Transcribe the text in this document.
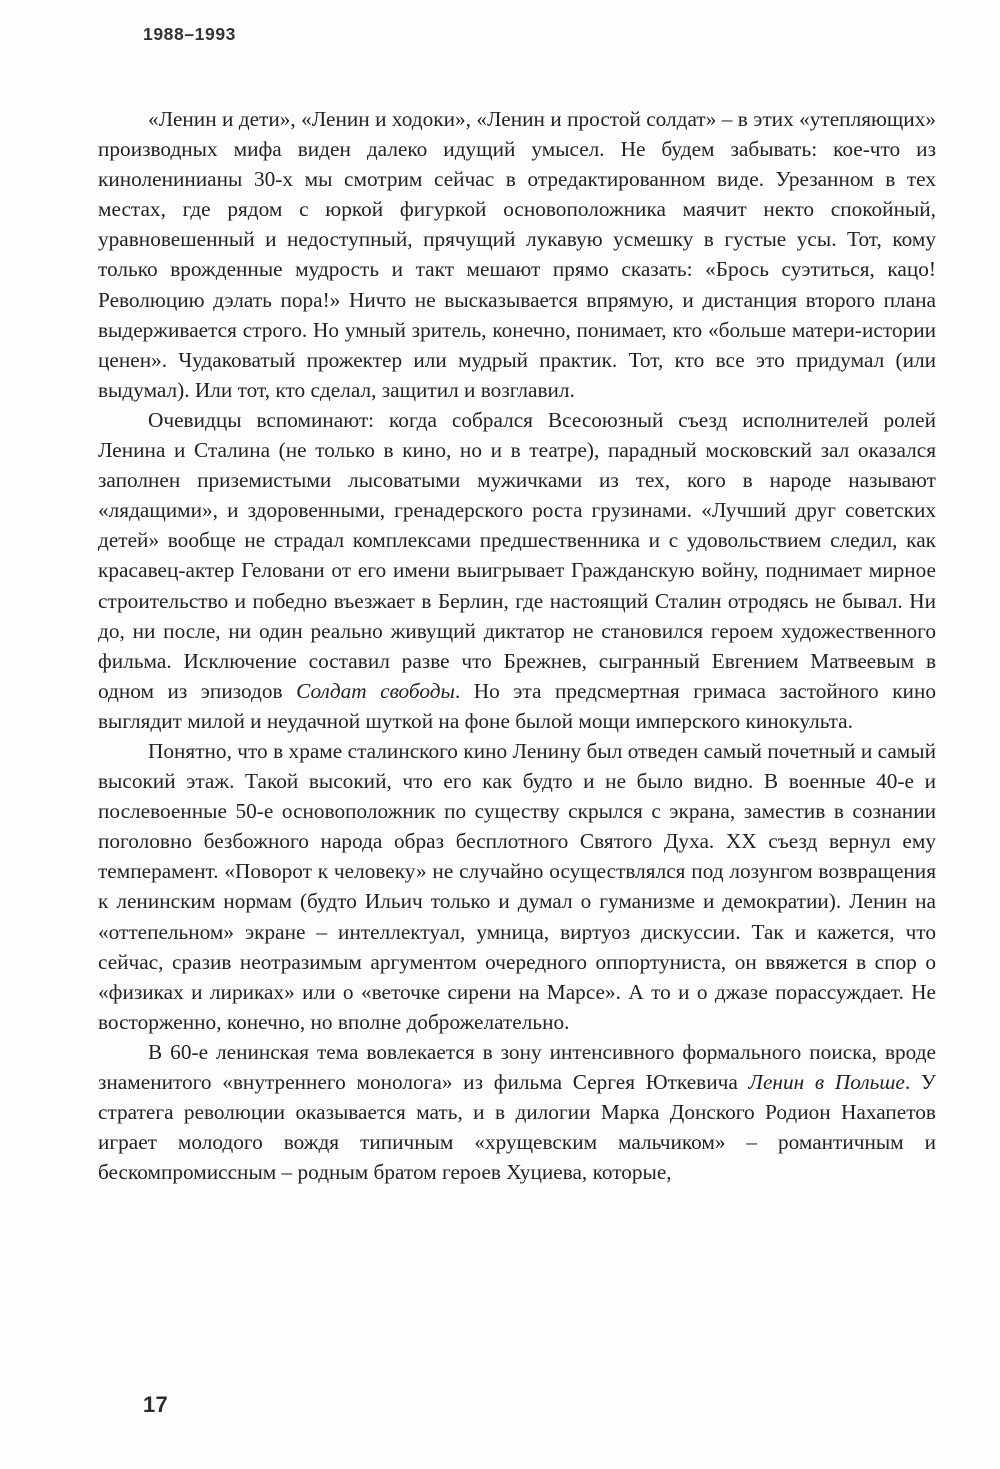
1988–1993

«Ленин и дети», «Ленин и ходоки», «Ленин и простой солдат» – в этих «утепляющих» производных мифа виден далеко идущий умысел. Не будем забывать: кое-что из киноленинианы 30-х мы смотрим сейчас в отредактированном виде. Урезанном в тех местах, где рядом с юркой фигуркой основоположника маячит некто спокойный, уравновешенный и недоступный, прячущий лукавую усмешку в густые усы. Тот, кому только врожденные мудрость и такт мешают прямо сказать: «Брось суэтиться, кацо! Революцию дэлать пора!» Ничто не высказывается впрямую, и дистанция второго плана выдерживается строго. Но умный зритель, конечно, понимает, кто «больше матери-истории ценен». Чудаковатый прожектер или мудрый практик. Тот, кто все это придумал (или выдумал). Или тот, кто сделал, защитил и возглавил.

Очевидцы вспоминают: когда собрался Всесоюзный съезд исполнителей ролей Ленина и Сталина (не только в кино, но и в театре), парадный московский зал оказался заполнен приземистыми лысоватыми мужичками из тех, кого в народе называют «лядащими», и здоровенными, гренадерского роста грузинами. «Лучший друг советских детей» вообще не страдал комплексами предшественника и с удовольствием следил, как красавец-актер Геловани от его имени выигрывает Гражданскую войну, поднимает мирное строительство и победно въезжает в Берлин, где настоящий Сталин отродясь не бывал. Ни до, ни после, ни один реально живущий диктатор не становился героем художественного фильма. Исключение составил разве что Брежнев, сыгранный Евгением Матвеевым в одном из эпизодов Солдат свободы. Но эта предсмертная гримаса застойного кино выглядит милой и неудачной шуткой на фоне былой мощи имперского кинокульта.

Понятно, что в храме сталинского кино Ленину был отведен самый почетный и самый высокий этаж. Такой высокий, что его как будто и не было видно. В военные 40-е и послевоенные 50-е основоположник по существу скрылся с экрана, заместив в сознании поголовно безбожного народа образ бесплотного Святого Духа. XX съезд вернул ему темперамент. «Поворот к человеку» не случайно осуществлялся под лозунгом возвращения к ленинским нормам (будто Ильич только и думал о гуманизме и демократии). Ленин на «оттепельном» экране – интеллектуал, умница, виртуоз дискуссии. Так и кажется, что сейчас, сразив неотразимым аргументом очередного оппортуниста, он ввяжется в спор о «физиках и лириках» или о «веточке сирени на Марсе». А то и о джазе порассуждает. Не восторженно, конечно, но вполне доброжелательно.

В 60-е ленинская тема вовлекается в зону интенсивного формального поиска, вроде знаменитого «внутреннего монолога» из фильма Сергея Юткевича Ленин в Польше. У стратега революции оказывается мать, и в дилогии Марка Донского Родион Нахапетов играет молодого вождя типичным «хрущевским мальчиком» – романтичным и бескомпромиссным – родным братом героев Хуциева, которые,

17
